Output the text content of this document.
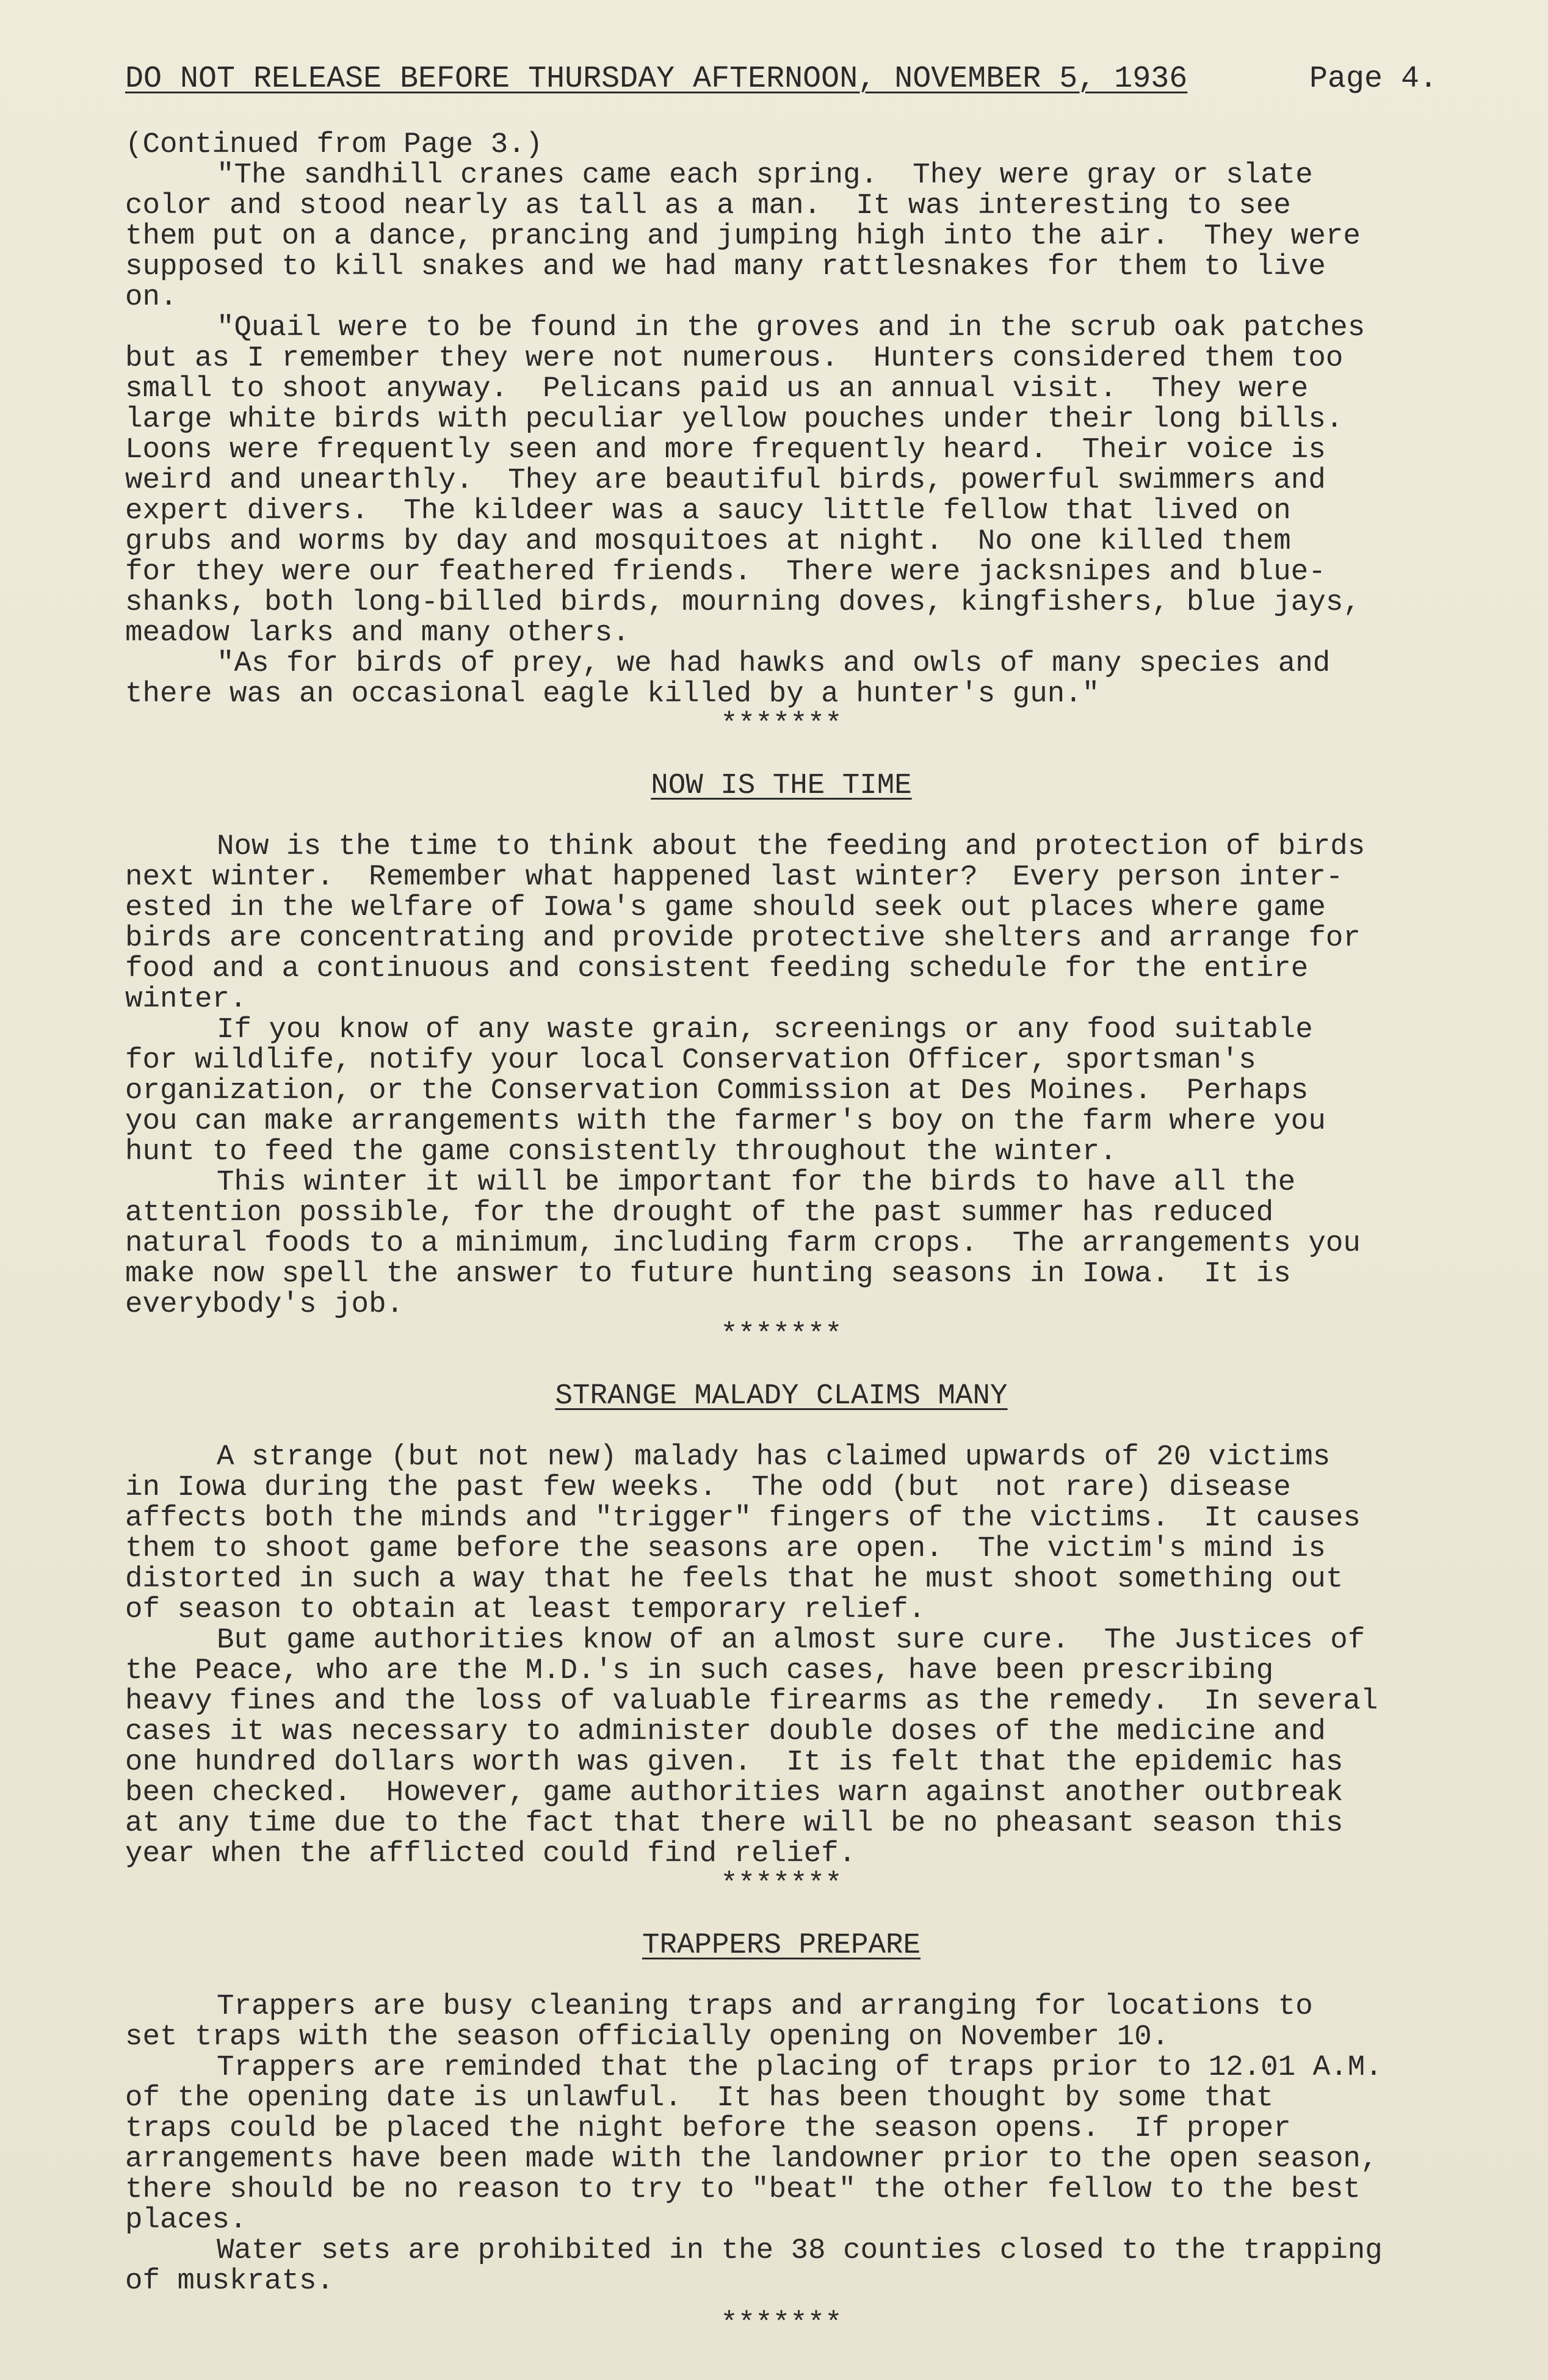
DO NOT RELEASE BEFORE THURSDAY AFTERNOON, NOVEMBER 5, 1936	Page 4.
(Continued from Page 3.)
"The sandhill cranes came each spring.  They were gray or slate
color and stood nearly as tall as a man.  It was interesting to see
them put on a dance, prancing and jumping high into the air.  They were
supposed to kill snakes and we had many rattlesnakes for them to live
on.
"Quail were to be found in the groves and in the scrub oak patches
but as I remember they were not numerous.  Hunters considered them too
small to shoot anyway.  Pelicans paid us an annual visit.  They were
large white birds with peculiar yellow pouches under their long bills.
Loons were frequently seen and more frequently heard.  Their voice is
weird and unearthly.  They are beautiful birds, powerful swimmers and
expert divers.  The kildeer was a saucy little fellow that lived on
grubs and worms by day and mosquitoes at night.  No one killed them
for they were our feathered friends.  There were jacksnipes and blue-
shanks, both long-billed birds, mourning doves, kingfishers, blue jays,
meadow larks and many others.
"As for birds of prey, we had hawks and owls of many species and
there was an occasional eagle killed by a hunter's gun."
*******
NOW IS THE TIME
Now is the time to think about the feeding and protection of birds
next winter.  Remember what happened last winter?  Every person inter-
ested in the welfare of Iowa's game should seek out places where game
birds are concentrating and provide protective shelters and arrange for
food and a continuous and consistent feeding schedule for the entire
winter.
If you know of any waste grain, screenings or any food suitable
for wildlife, notify your local Conservation Officer, sportsman's
organization, or the Conservation Commission at Des Moines.  Perhaps
you can make arrangements with the farmer's boy on the farm where you
hunt to feed the game consistently throughout the winter.
This winter it will be important for the birds to have all the
attention possible, for the drought of the past summer has reduced
natural foods to a minimum, including farm crops.  The arrangements you
make now spell the answer to future hunting seasons in Iowa.  It is
everybody's job.
*******
STRANGE MALADY CLAIMS MANY
A strange (but not new) malady has claimed upwards of 20 victims
in Iowa during the past few weeks.  The odd (but  not rare) disease
affects both the minds and "trigger" fingers of the victims.  It causes
them to shoot game before the seasons are open.  The victim's mind is
distorted in such a way that he feels that he must shoot something out
of season to obtain at least temporary relief.
But game authorities know of an almost sure cure.  The Justices of
the Peace, who are the M.D.'s in such cases, have been prescribing
heavy fines and the loss of valuable firearms as the remedy.  In several
cases it was necessary to administer double doses of the medicine and
one hundred dollars worth was given.  It is felt that the epidemic has
been checked.  However, game authorities warn against another outbreak
at any time due to the fact that there will be no pheasant season this
year when the afflicted could find relief.
*******
TRAPPERS PREPARE
Trappers are busy cleaning traps and arranging for locations to
set traps with the season officially opening on November 10.
Trappers are reminded that the placing of traps prior to 12.01 A.M.
of the opening date is unlawful.  It has been thought by some that
traps could be placed the night before the season opens.  If proper
arrangements have been made with the landowner prior to the open season,
there should be no reason to try to "beat" the other fellow to the best
places.
Water sets are prohibited in the 38 counties closed to the trapping
of muskrats.
*******
